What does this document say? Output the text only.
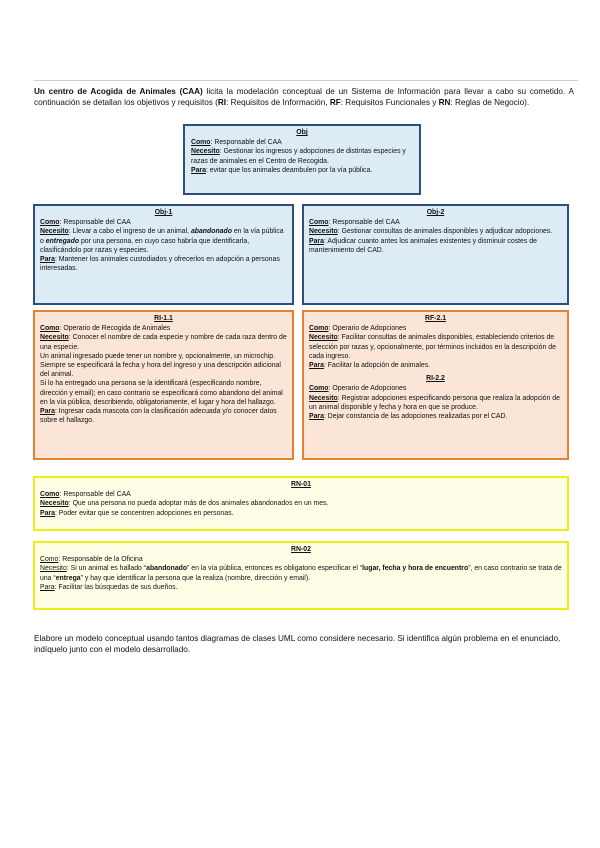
Un centro de Acogida de Animales (CAA) licita la modelación conceptual de un Sistema de Información para llevar a cabo su cometido. A continuación se detallan los objetivos y requisitos (RI: Requisitos de Información, RF: Requisitos Funcionales y RN: Reglas de Negocio).

Obj

Como: Responsable del CAA

Necesito: Gestionar los ingresos y adopciones de distintas especies y razas de animales en el Centro de Recogida.

Para: evitar que los animales deambulen por la vía pública.

Obj-1

Como: Responsable del CAA

Necesito: Llevar a cabo el ingreso de un animal, abandonado en la vía pública o entregado por una persona, en cuyo caso habría que identificarla, clasificándolo por razas y especies.

Para: Mantener los animales custodiados y ofrecerlos en adopción a personas interesadas.

Obj-2

Como: Responsable del CAA

Necesito: Gestionar consultas de animales disponibles y adjudicar adopciones.

Para: Adjudicar cuanto antes los animales existentes y disminuir costes de mantenimiento del CAD.

RI-1.1

Como: Operario de Recogida de Animales

Necesito: Conocer el nombre de cada especie y nombre de cada raza dentro de una especie.

Un animal ingresado puede tener un nombre y, opcionalmente, un microchip. Siempre se especificará la fecha y hora del ingreso y una descripción adicional del animal.

Si lo ha entregado una persona se la identificará (especificando nombre, dirección y email); en caso contrario se especificará como abandono del animal en la vía pública, describiendo, obligatoriamente, el lugar y hora del hallazgo.

Para: Ingresar cada mascota con la clasificación adecuada y/o conocer datos sobre el hallazgo.

RF-2.1

Como: Operario de Adopciones

Necesito: Facilitar consultas de animales disponibles, estableciendo criterios de selección por razas y, opcionalmente, por términos incluidos en la descripción de cada ingreso.

Para: Facilitar la adopción de animales.

RI-2.2

Como: Operario de Adopciones

Necesito: Registrar adopciones especificando persona que realiza la adopción de un animal disponible y fecha y hora en que se produce.

Para: Dejar constancia de las adopciones realizadas por el CAD.

RN-01

Como: Responsable del CAA

Necesito: Que una persona no pueda adoptar más de dos animales abandonados en un mes.

Para: Poder evitar que se concentren adopciones en personas.

RN-02

Como: Responsable de la Oficina

Necesito: Si un animal es hallado “abandonado” en la vía pública, entonces es obligatorio especificar el “lugar, fecha y hora de encuentro”, en caso contrario se trata de una “entrega” y hay que identificar la persona que la realiza (nombre, dirección y email).

Para: Facilitar las búsquedas de sus dueños.

Elabore un modelo conceptual usando tantos diagramas de clases UML como considere necesario. Si identifica algún problema en el enunciado, indíquelo junto con el modelo desarrollado.
